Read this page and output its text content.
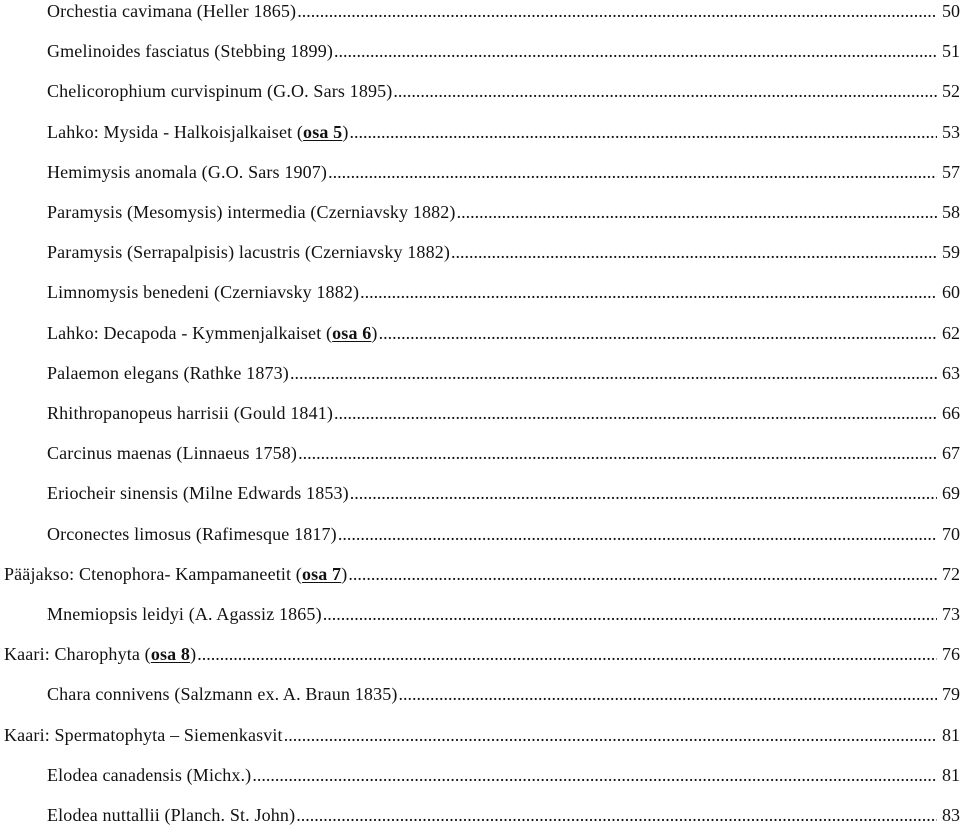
Orchestia cavimana (Heller 1865) .....	50
Gmelinoides fasciatus (Stebbing 1899) .....	51
Chelicorophium curvispinum (G.O. Sars 1895) .....	52
Lahko: Mysida - Halkoisjalkaiset (osa 5) .....	53
Hemimysis anomala (G.O. Sars 1907) .....	57
Paramysis (Mesomysis) intermedia (Czerniavsky 1882) .....	58
Paramysis (Serrapalpisis) lacustris (Czerniavsky 1882) .....	59
Limnomysis benedeni (Czerniavsky 1882) .....	60
Lahko: Decapoda - Kymmenjalkaiset (osa 6) .....	62
Palaemon elegans (Rathke 1873) .....	63
Rhithropanopeus harrisii (Gould 1841) .....	66
Carcinus maenas (Linnaeus 1758) .....	67
Eriocheir sinensis (Milne Edwards 1853) .....	69
Orconectes limosus (Rafimesque 1817) .....	70
Pääjakso: Ctenophora- Kampamaneetit (osa 7) .....	72
Mnemiopsis leidyi (A. Agassiz 1865) .....	73
Kaari: Charophyta (osa 8) .....	76
Chara connivens (Salzmann ex. A. Braun 1835) .....	79
Kaari: Spermatophyta – Siemenkasvit .....	81
Elodea canadensis (Michx.) .....	81
Elodea nuttallii (Planch. St. John) .....	83
